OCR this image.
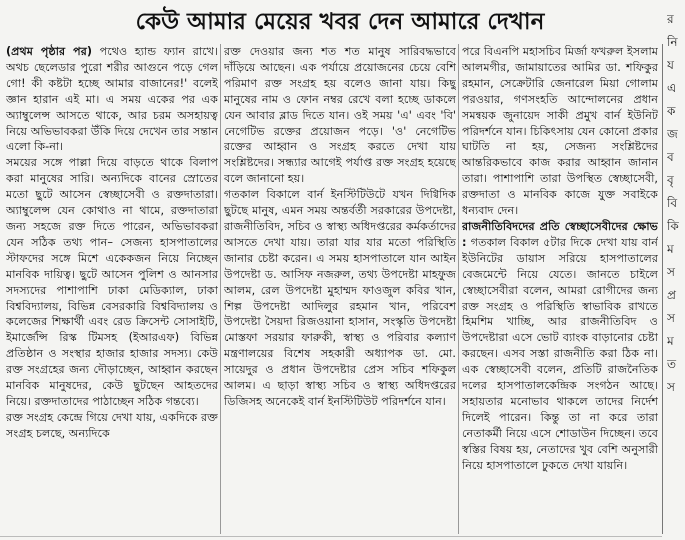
কেউ আমার মেয়ের খবর দেন আমারে দেখান

(প্রথম পৃষ্ঠার পর) পথেও হ্যান্ড ফ্যান রাখে। অথচ ছেলেডার পুরো শরীর আগুনে পড়ে গেল গো! কী কষ্টটা হচ্ছে আমার বাজানের!' বলেই জ্ঞান হারান এই মা। এ সময় একের পর এক অ্যাম্বুলেন্স আসতে থাকে, আর চরম অসহায়ত্ব নিয়ে অভিভাবকরা উঁকি দিয়ে দেখেন তার সন্তান এলো কি-না।

সময়ের সঙ্গে পাল্লা দিয়ে বাড়তে থাকে বিলাপ করা মানুষের সারি। অন্যদিকে বানের স্রোতের মতো ছুটে আসেন স্বেচ্ছাসেবী ও রক্তদাতারা। অ্যাম্বুলেন্স যেন কোথাও না থামে, রক্তদাতারা জন্য সহজে রক্ত দিতে পারেন, অভিভাবকরা যেন সঠিক তথ্য পান– সেজন্য হাসপাতালের স্টাফদের সঙ্গে মিশে একেকজন নিয়ে নিচ্ছেন মানবিক দায়িত্ব। ছুটে আসেন পুলিশ ও আনসার সদস্যদের পাশাপাশি ঢাকা মেডিক্যাল, ঢাকা বিশ্ববিদ্যালয়, বিভিন্ন বেসরকারি বিশ্ববিদ্যালয় ও কলেজের শিক্ষার্থী এবং রেড ক্রিসেন্ট সোসাইটি, ইমার্জেন্সি রিস্ক টিমসহ (ইআরএফ) বিভিন্ন প্রতিষ্ঠান ও সংস্থার হাজার হাজার সদস্য। কেউ রক্ত সংগ্রহের জন্য দৌড়াচ্ছেন, আহ্বান করছেন মানবিক মানুষদের, কেউ ছুটছেন আহতদের নিয়ে। রক্তদাতাদের পাঠাচ্ছেন সঠিক গন্তব্যে।

রক্ত সংগ্রহ কেন্দ্রে গিয়ে দেখা যায়, একদিকে রক্ত সংগ্রহ চলছে, অন্যদিকে

রক্ত দেওয়ার জন্য শত শত মানুষ সারিবদ্ধভাবে দাঁড়িয়ে আছেন। এক পর্যায়ে প্রয়োজনের চেয়ে বেশি পরিমাণ রক্ত সংগ্রহ হয় বলেও জানা যায়। কিছু মানুষের নাম ও ফোন নম্বর রেখে বলা হচ্ছে ডাকলে যেন আবার ব্লাড দিতে যান। ওই সময় 'এ' এবং 'বি' নেগেটিভ রক্তের প্রয়োজন পড়ে। 'ও' নেগেটিভ রক্তের আহ্বান ও সংগ্রহ করতে দেখা যায় সংশ্লিষ্টদের। সন্ধ্যার আগেই পর্যাপ্ত রক্ত সংগ্রহ হয়েছে বলে জানানো হয়।

গতকাল বিকালে বার্ন ইনস্টিটিউটে যখন দিগ্বিদিক ছুটছে মানুষ, এমন সময় অন্তর্বর্তী সরকারের উপদেষ্টা, রাজনীতিবিদ, সচিব ও স্বাস্থ্য অধিদপ্তরের কর্মকর্তাদের আসতে দেখা যায়। তারা যার যার মতো পরিস্থিতি জানার চেষ্টা করেন। এ সময় হাসপাতালে যান আইন উপদেষ্টা ড. আসিফ নজরুল, তথ্য উপদেষ্টা মাহফুজ আলম, রেল উপদেষ্টা মুহাম্মদ ফাওজুল কবির খান, শিল্প উপদেষ্টা আদিলুর রহমান খান, পরিবেশ উপদেষ্টা সৈয়দা রিজওয়ানা হাসান, সংস্কৃতি উপদেষ্টা মোস্তফা সরয়ার ফারুকী, স্বাস্থ্য ও পরিবার কল্যাণ মন্ত্রণালয়ের বিশেষ সহকারী অধ্যাপক ডা. মো. সায়েদুর ও প্রধান উপদেষ্টার প্রেস সচিব শফিকুল আলম। এ ছাড়া স্বাস্থ্য সচিব ও স্বাস্থ্য অধিদপ্তরের ডিজিসহ অনেকেই বার্ন ইনস্টিটিউট পরিদর্শনে যান।

পরে বিএনপি মহাসচিব মির্জা ফখরুল ইসলাম আলমগীর, জামায়াতের আমির ডা. শফিকুর রহমান, সেক্রেটারি জেনারেল মিয়া গোলাম পরওয়ার, গণসংহতি আন্দোলনের প্রধান সমন্বয়ক জুনায়েদ সাকী প্রমুখ বার্ন ইউনিট পরিদর্শনে যান। চিকিৎসায় যেন কোনো প্রকার ঘাটতি না হয়, সেজন্য সংশ্লিষ্টদের আন্তরিকভাবে কাজ করার আহ্বান জানান তারা। পাশাপাশি তারা উপস্থিত স্বেচ্ছাসেবী, রক্তদাতা ও মানবিক কাজে যুক্ত সবাইকে ধন্যবাদ দেন।

রাজনীতিবিদদের প্রতি স্বেচ্ছাসেবীদের ক্ষোভ : গতকাল বিকাল ৫টার দিকে দেখা যায় বার্ন ইউনিটের ডায়াস সরিয়ে হাসপাতালের বেজমেন্টে নিয়ে যেতে। জানতে চাইলে স্বেচ্ছাসেবীরা বলেন, আমরা রোগীদের জন্য রক্ত সংগ্রহ ও পরিস্থিতি স্বাভাবিক রাখতে হিমশিম খাচ্ছি, আর রাজনীতিবিদ ও উপদেষ্টারা এসে ভোট ব্যাংক বাড়ানোর চেষ্টা করছেন। এসব সস্তা রাজনীতি করা ঠিক না। এক স্বেচ্ছাসেবী বলেন, প্রতিটি রাজনৈতিক দলের হাসপাতালকেন্দ্রিক সংগঠন আছে। সহায়তার মনোভাব থাকলে তাদের নির্দেশ দিলেই পারেন। কিন্তু তা না করে তারা নেতাকর্মী নিয়ে এসে শোডাউন দিচ্ছেন। তবে স্বস্তির বিষয় হয়, নেতাদের খুব বেশি অনুসারী নিয়ে হাসপাতালে ঢুকতে দেখা যায়নি।

র
নি
য
এ
ক
জ
ব
বৃ
বি
কি
ম
স
প্র
স
ম
ত
স
